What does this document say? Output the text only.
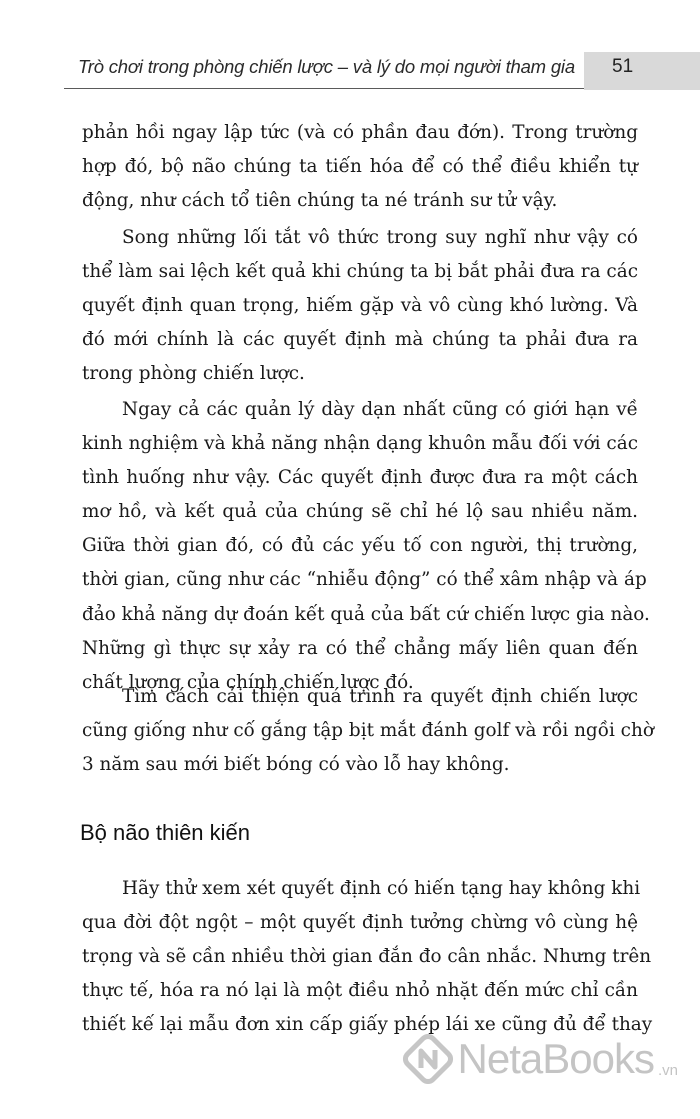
Trò chơi trong phòng chiến lược – và lý do mọi người tham gia 51

phản hồi ngay lập tức (và có phần đau đớn). Trong trường
hợp đó, bộ não chúng ta tiến hóa để có thể điều khiển tự
động, như cách tổ tiên chúng ta né tránh sư tử vậy.

Song những lối tắt vô thức trong suy nghĩ như vậy có
thể làm sai lệch kết quả khi chúng ta bị bắt phải đưa ra các
quyết định quan trọng, hiếm gặp và vô cùng khó lường. Và
đó mới chính là các quyết định mà chúng ta phải đưa ra
trong phòng chiến lược.

Ngay cả các quản lý dày dạn nhất cũng có giới hạn về
kinh nghiệm và khả năng nhận dạng khuôn mẫu đối với các
tình huống như vậy. Các quyết định được đưa ra một cách
mơ hồ, và kết quả của chúng sẽ chỉ hé lộ sau nhiều năm.
Giữa thời gian đó, có đủ các yếu tố con người, thị trường,
thời gian, cũng như các “nhiễu động” có thể xâm nhập và áp
đảo khả năng dự đoán kết quả của bất cứ chiến lược gia nào.
Những gì thực sự xảy ra có thể chẳng mấy liên quan đến
chất lượng của chính chiến lược đó.

Tìm cách cải thiện quá trình ra quyết định chiến lược
cũng giống như cố gắng tập bịt mắt đánh golf và rồi ngồi chờ
3 năm sau mới biết bóng có vào lỗ hay không.

Bộ não thiên kiến

Hãy thử xem xét quyết định có hiến tạng hay không khi
qua đời đột ngột – một quyết định tưởng chừng vô cùng hệ
trọng và sẽ cần nhiều thời gian đắn đo cân nhắc. Nhưng trên
thực tế, hóa ra nó lại là một điều nhỏ nhặt đến mức chỉ cần
thiết kế lại mẫu đơn xin cấp giấy phép lái xe cũng đủ để thay

NetaBooks .vn
